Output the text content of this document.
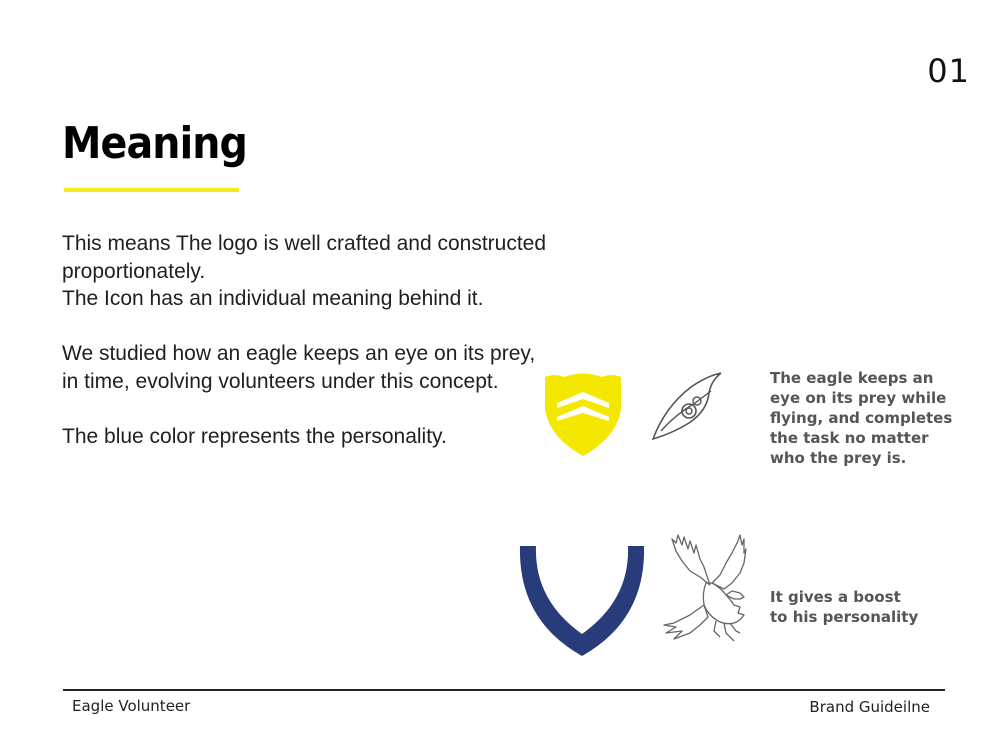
01
Meaning

This means The logo is well crafted and constructed

proportionately.

The Icon has an individual meaning behind it.

We studied how an eagle keeps an eye on its prey,

in time, evolving volunteers under this concept.

The blue color represents the personality.

The eagle keeps an

eye on its prey while

flying, and completes

the task no matter

who the prey is.

It gives a boost

to his personality

Eagle Volunteer	Brand Guideilne
